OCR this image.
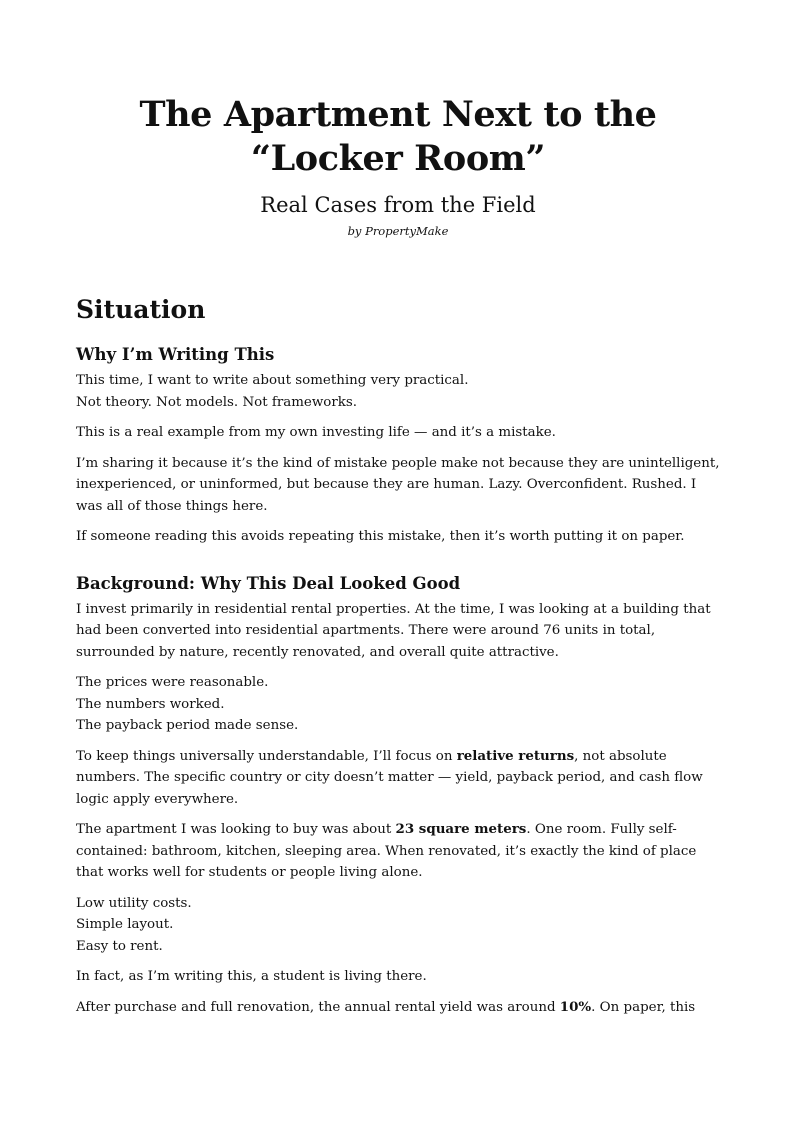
The Apartment Next to the “Locker Room”
Real Cases from the Field
by PropertyMake
Situation
Why I’m Writing This

This time, I want to write about something very practical.
Not theory. Not models. Not frameworks.

This is a real example from my own investing life — and it’s a mistake.

I’m sharing it because it’s the kind of mistake people make not because they are unintelligent, inexperienced, or uninformed, but because they are human. Lazy. Overconfident. Rushed. I was all of those things here.

If someone reading this avoids repeating this mistake, then it’s worth putting it on paper.

Background: Why This Deal Looked Good

I invest primarily in residential rental properties. At the time, I was looking at a building that had been converted into residential apartments. There were around 76 units in total, surrounded by nature, recently renovated, and overall quite attractive.

The prices were reasonable.
The numbers worked.
The payback period made sense.

To keep things universally understandable, I’ll focus on relative returns, not absolute numbers. The specific country or city doesn’t matter — yield, payback period, and cash flow logic apply everywhere.

The apartment I was looking to buy was about 23 square meters. One room. Fully self-contained: bathroom, kitchen, sleeping area. When renovated, it’s exactly the kind of place that works well for students or people living alone.

Low utility costs.
Simple layout.
Easy to rent.

In fact, as I’m writing this, a student is living there.

After purchase and full renovation, the annual rental yield was around 10%. On paper, this
